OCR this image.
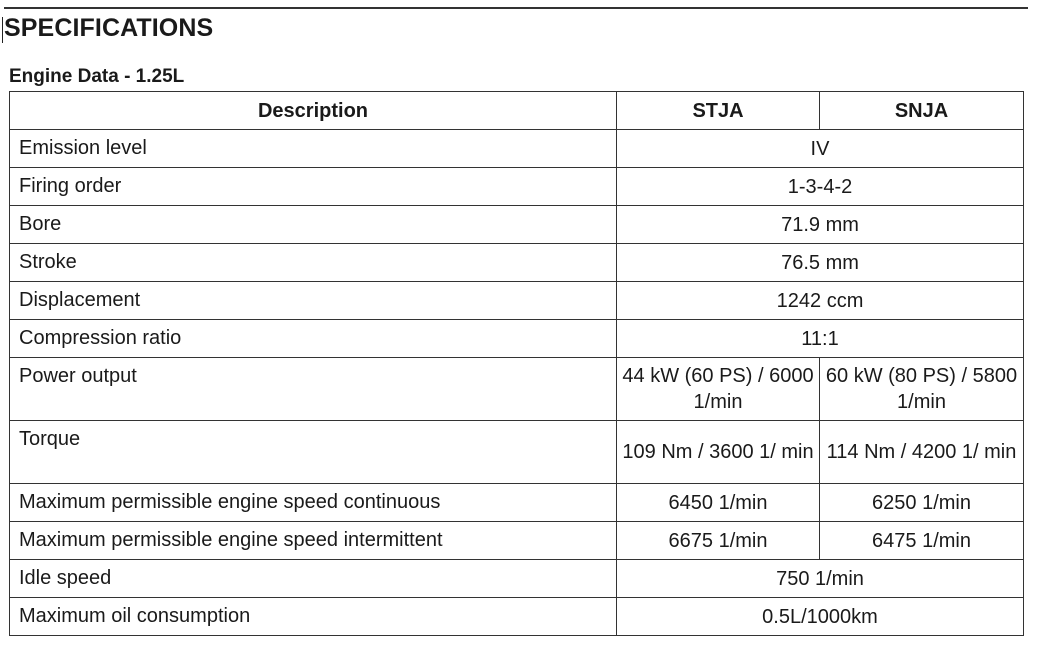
SPECIFICATIONS
Engine Data - 1.25L
Description	STJA	SNJA
Emission level	IV	
Firing order	1-3-4-2	
Bore	71.9 mm	
Stroke	76.5 mm	
Displacement	1242 ccm	
Compression ratio	11:1	
Power output	44 kW (60 PS) / 6000 1/min	60 kW (80 PS) / 5800 1/min
Torque	109 Nm / 3600 1/ min	114 Nm / 4200 1/ min
Maximum permissible engine speed continuous	6450 1/min	6250 1/min
Maximum permissible engine speed intermittent	6675 1/min	6475 1/min
Idle speed	750 1/min	
Maximum oil consumption	0.5L/1000km	
